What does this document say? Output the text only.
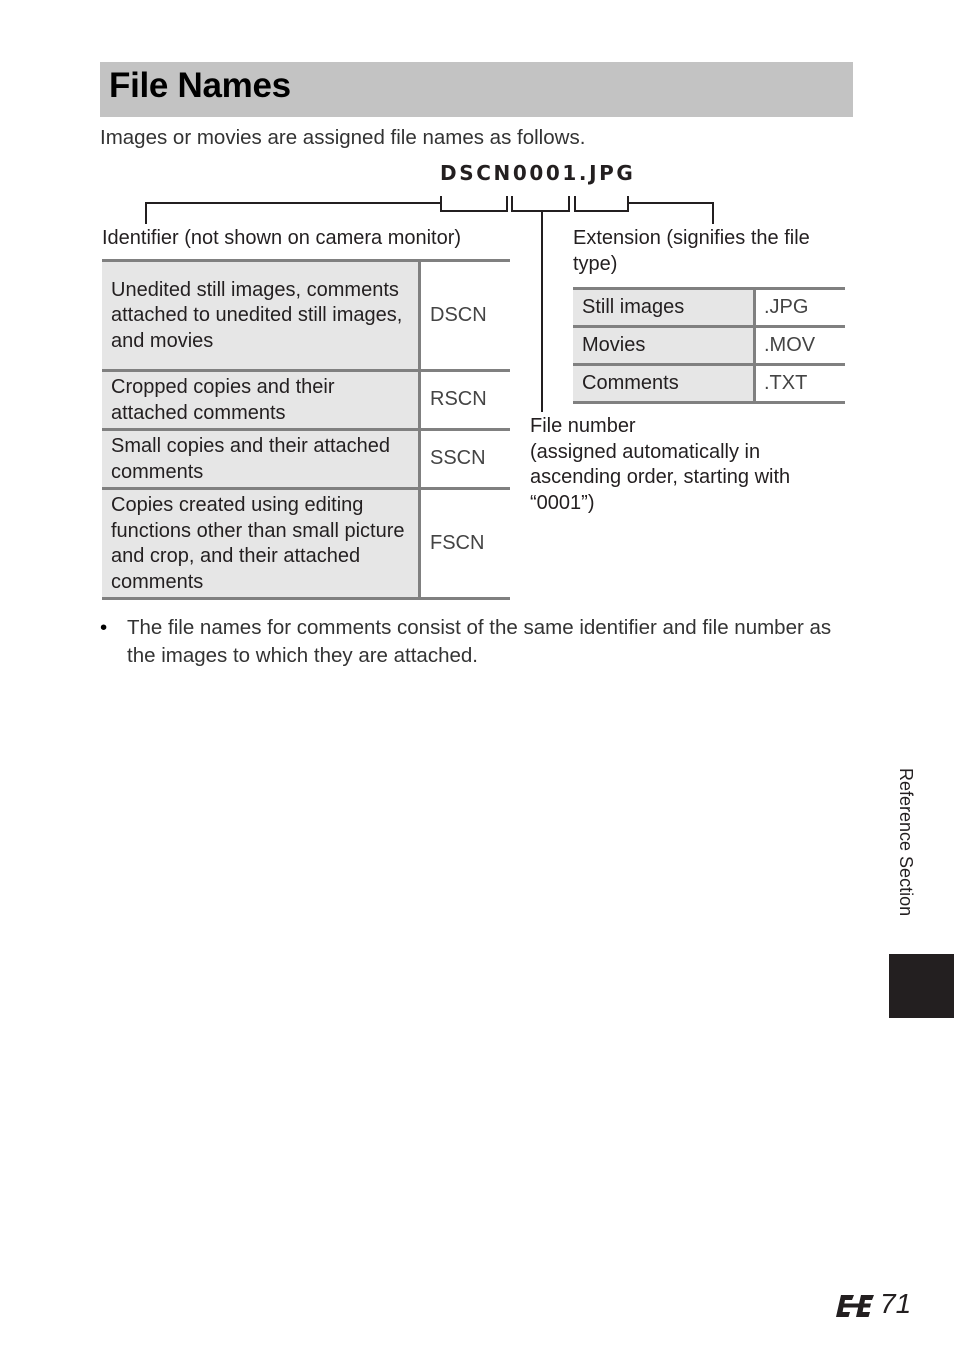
File Names
Images or movies are assigned file names as follows.
DSCN0001.JPG
Identifier (not shown on camera monitor)
Unedited still images, comments attached to unedited still images, and movies	DSCN
Cropped copies and their attached comments	RSCN
Small copies and their attached comments	SSCN
Copies created using editing functions other than small picture and crop, and their attached comments	FSCN
Extension (signifies the file type)
Still images	.JPG
Movies	.MOV
Comments	.TXT
File number
(assigned automatically in ascending order, starting with “0001”)
• The file names for comments consist of the same identifier and file number as the images to which they are attached.
Reference Section
71
